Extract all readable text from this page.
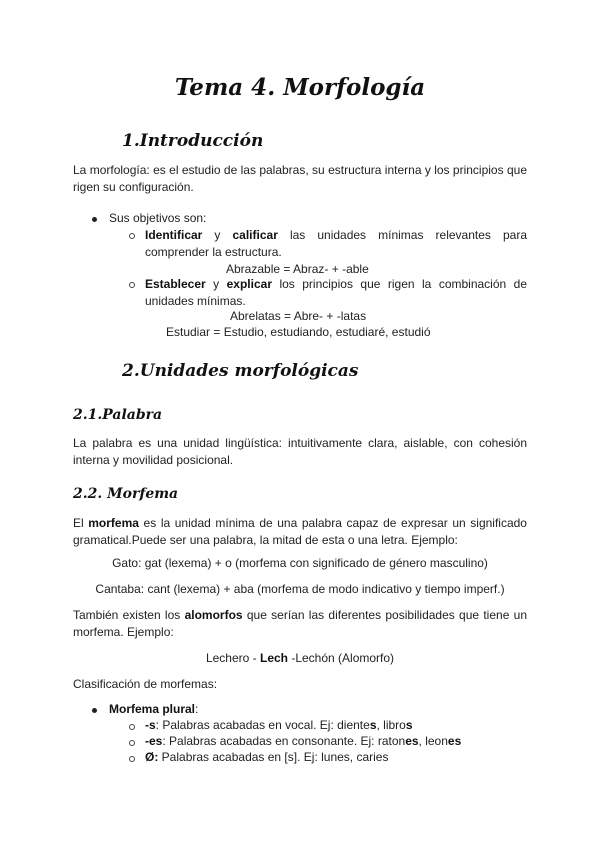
Tema 4. Morfología
1.Introducción
La morfología: es el estudio de las palabras, su estructura interna y los principios que rigen su configuración.
Sus objetivos son:
Identificar y calificar las unidades mínimas relevantes para comprender la estructura.
Abrazable = Abraz- + -able
Establecer y explicar los principios que rigen la combinación de unidades mínimas.
Abrelatas = Abre- + -latas
Estudiar = Estudio, estudiando, estudiaré, estudió
2.Unidades morfológicas
2.1.Palabra
La palabra es una unidad lingüística: intuitivamente clara, aislable, con cohesión interna y movilidad posicional.
2.2. Morfema
El morfema es la unidad mínima de una palabra capaz de expresar un significado gramatical.Puede ser una palabra, la mitad de esta o una letra. Ejemplo:
Gato: gat (lexema) + o (morfema con significado de género masculino)
Cantaba: cant (lexema) + aba (morfema de modo indicativo y tiempo imperf.)
También existen los alomorfos que serían las diferentes posibilidades que tiene un morfema. Ejemplo:
Lechero - Lech -Lechón (Alomorfo)
Clasificación de morfemas:
Morfema plural:
-s: Palabras acabadas en vocal. Ej: dientes, libros
-es: Palabras acabadas en consonante. Ej: ratones, leones
Ø: Palabras acabadas en [s]. Ej: lunes, caries
